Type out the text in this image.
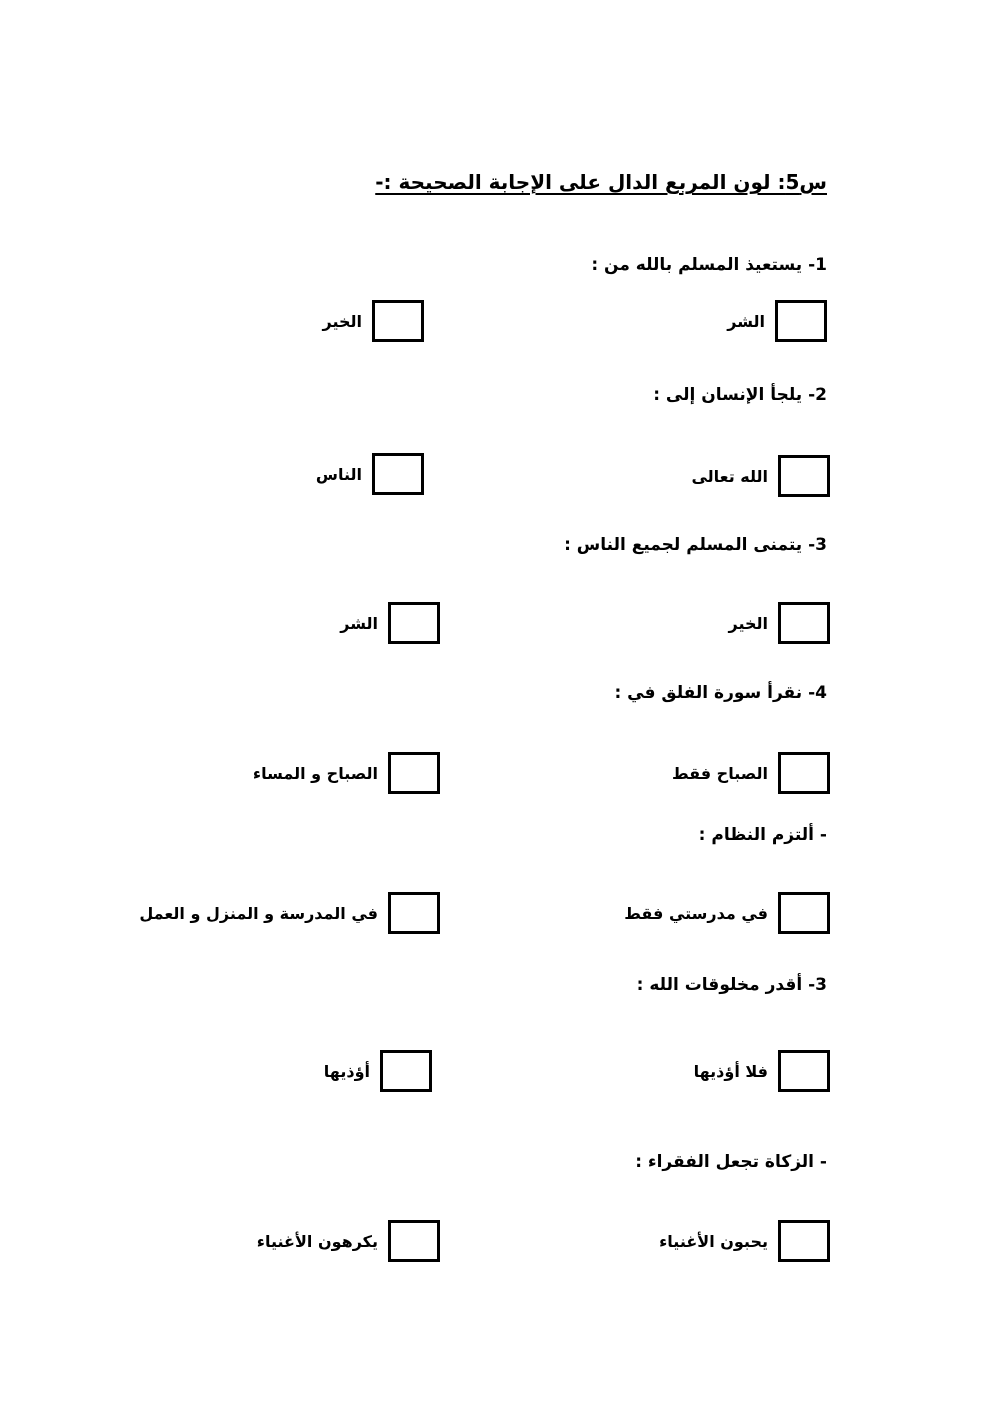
س5: لون المربع الدال على الإجابة الصحيحة :-
1- يستعيذ المسلم بالله من :
الشر
الخير
2- يلجأ الإنسان إلى :
الله تعالى
الناس
3- يتمنى المسلم لجميع الناس :
الخير
الشر
4- نقرأ سورة الفلق في :
الصباح فقط
الصباح و المساء
- ألتزم النظام :
في مدرستي فقط
في المدرسة و المنزل و العمل
3- أقدر مخلوقات الله :
فلا أؤذيها
أؤذيها
- الزكاة تجعل الفقراء :
يحبون الأغنياء
يكرهون الأغنياء
